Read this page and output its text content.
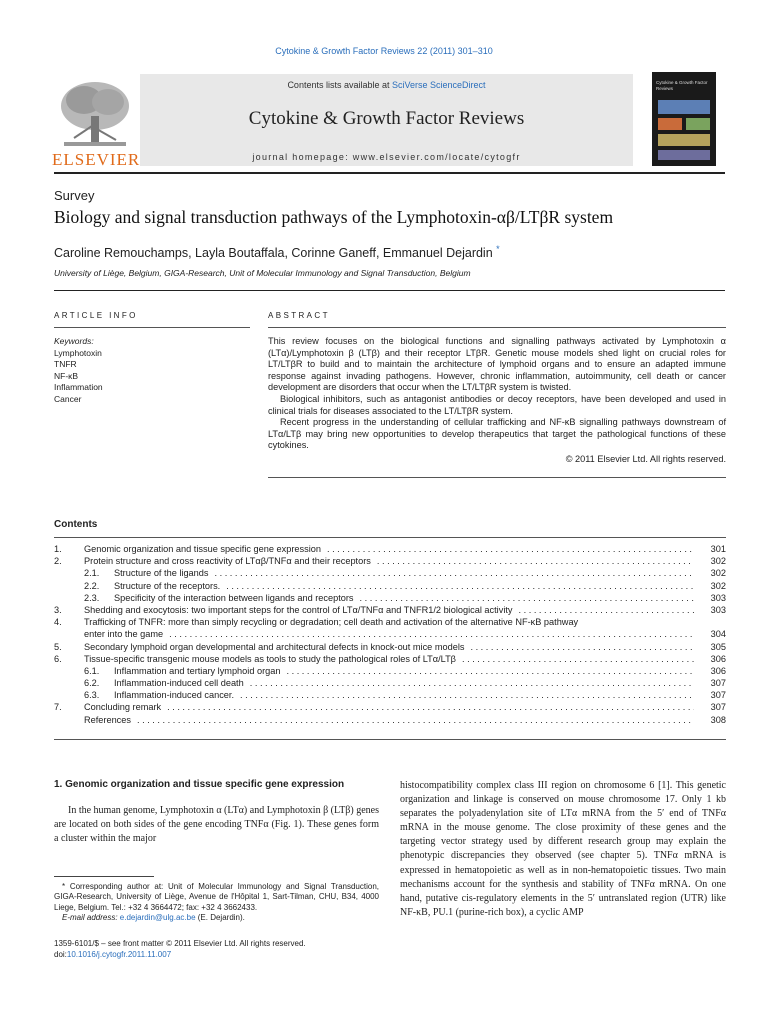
Cytokine & Growth Factor Reviews 22 (2011) 301–310
Contents lists available at SciVerse ScienceDirect
Cytokine & Growth Factor Reviews
journal homepage: www.elsevier.com/locate/cytogfr
ELSEVIER
Cytokine & Growth Factor Reviews
Survey
Biology and signal transduction pathways of the Lymphotoxin-αβ/LTβR system
Caroline Remouchamps, Layla Boutaffala, Corinne Ganeff, Emmanuel Dejardin *
University of Liège, Belgium, GIGA-Research, Unit of Molecular Immunology and Signal Transduction, Belgium
ARTICLE INFO	ABSTRACT
Keywords:
Lymphotoxin
TNFR
NF-κB
Inflammation
Cancer

This review focuses on the biological functions and signalling pathways activated by Lymphotoxin α (LTα)/Lymphotoxin β (LTβ) and their receptor LTβR. Genetic mouse models shed light on crucial roles for LT/LTβR to build and to maintain the architecture of lymphoid organs and to ensure an adapted immune response against invading pathogens. However, chronic inflammation, autoimmunity, cell death or cancer development are disorders that occur when the LT/LTβR system is twisted.

Biological inhibitors, such as antagonist antibodies or decoy receptors, have been developed and used in clinical trials for diseases associated to the LT/LTβR system.

Recent progress in the understanding of cellular trafficking and NF-κB signalling pathways downstream of LTα/LTβ may bring new opportunities to develop therapeutics that target the pathological functions of these cytokines.

© 2011 Elsevier Ltd. All rights reserved.
Contents
1.	Genomic organization and tissue specific gene expression . . .	301
2.	Protein structure and cross reactivity of LTαβ/TNFα and their receptors . . .	302
2.1.	Structure of the ligands . . .	302
2.2.	Structure of the receptors. . . .	302
2.3.	Specificity of the interaction between ligands and receptors . . .	303
3.	Shedding and exocytosis: two important steps for the control of LTα/TNFα and TNFR1/2 biological activity . . .	303
4.	Trafficking of TNFR: more than simply recycling or degradation; cell death and activation of the alternative NF-κB pathway
enter into the game . . .	304
5.	Secondary lymphoid organ developmental and architectural defects in knock-out mice models . . .	305
6.	Tissue-specific transgenic mouse models as tools to study the pathological roles of LTα/LTβ . . .	306
6.1.	Inflammation and tertiary lymphoid organ . . .	306
6.2.	Inflammation-induced cell death . . .	307
6.3.	Inflammation-induced cancer. . . .	307
7.	Concluding remark . . .	307
References . . .	308
1. Genomic organization and tissue specific gene expression

In the human genome, Lymphotoxin α (LTα) and Lymphotoxin β (LTβ) genes are located on both sides of the gene encoding TNFα (Fig. 1). These genes form a cluster within the major

histocompatibility complex class III region on chromosome 6 [1]. This genetic organization and linkage is conserved on mouse chromosome 17. Only 1 kb separates the polyadenylation site of LTα mRNA from the 5′ end of TNFα mRNA in the mouse genome. The close proximity of these genes and the targeting vector strategy used by different research group may explain the phenotypic discrepancies they observed (see chapter 5). TNFα mRNA is expressed in hematopoietic as well as in non-hematopoietic tissues. Two main mechanisms account for the synthesis and stability of TNFα mRNA. On one hand, putative cis-regulatory elements in the 5′ untranslated region (UTR) like NF-κB, PU.1 (purine-rich box), a cyclic AMP

* Corresponding author at: Unit of Molecular Immunology and Signal Transduction, GIGA-Research, University of Liège, Avenue de l'Hôpital 1, Sart-Tilman, CHU, B34, 4000 Liege, Belgium. Tel.: +32 4 3664472; fax: +32 4 3662433.

E-mail address: e.dejardin@ulg.ac.be (E. Dejardin).

1359-6101/$ – see front matter © 2011 Elsevier Ltd. All rights reserved.
doi:10.1016/j.cytogfr.2011.11.007
